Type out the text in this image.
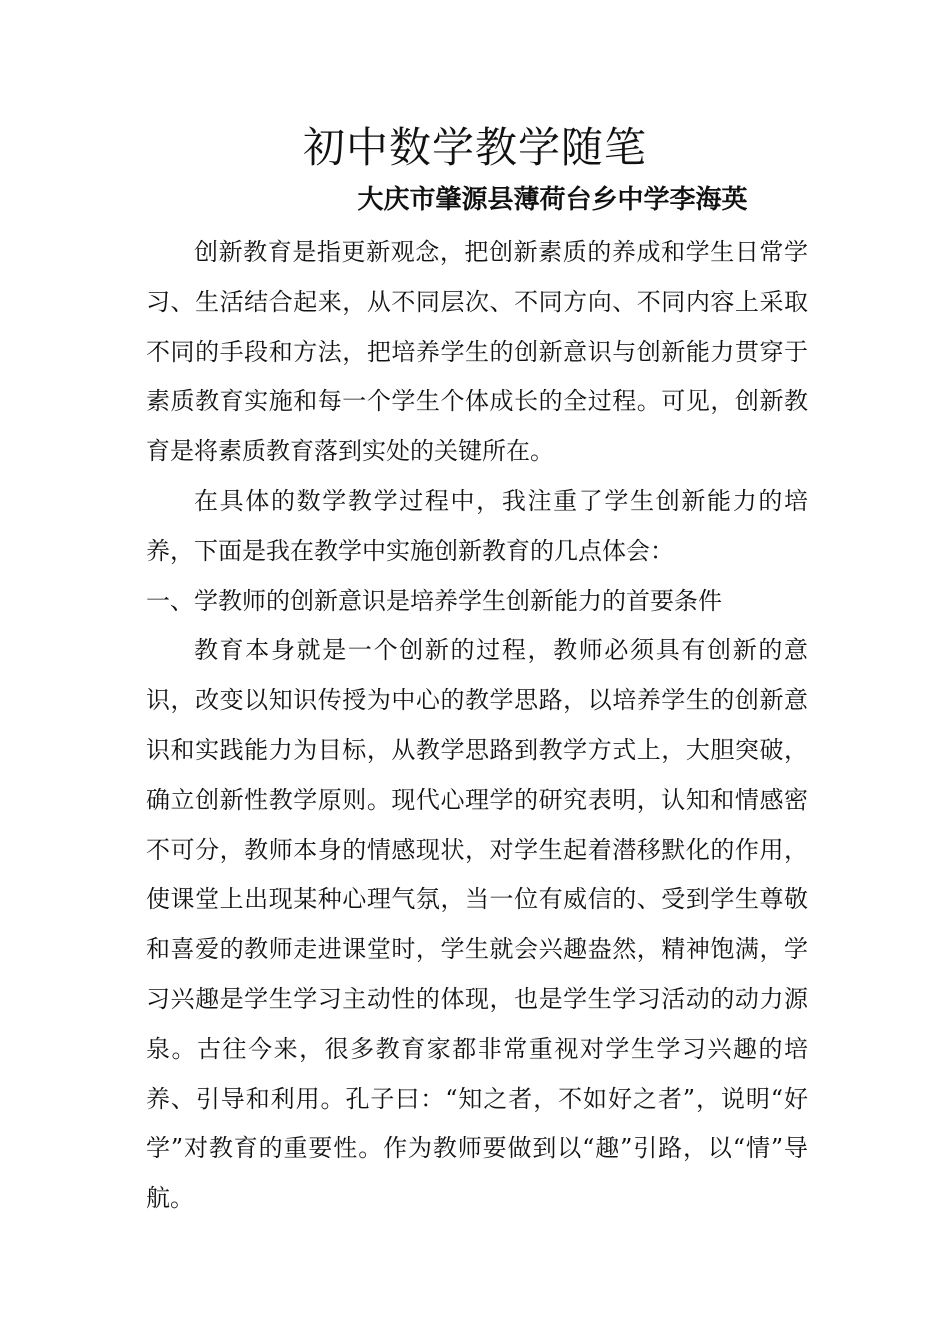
初中数学教学随笔
大庆市肇源县薄荷台乡中学李海英

创新教育是指更新观念，把创新素质的养成和学生日常学习、生活结合起来，从不同层次、不同方向、不同内容上采取不同的手段和方法，把培养学生的创新意识与创新能力贯穿于素质教育实施和每一个学生个体成长的全过程。可见，创新教育是将素质教育落到实处的关键所在。

在具体的数学教学过程中，我注重了学生创新能力的培养，下面是我在教学中实施创新教育的几点体会：

一、学教师的创新意识是培养学生创新能力的首要条件

教育本身就是一个创新的过程，教师必须具有创新的意识，改变以知识传授为中心的教学思路，以培养学生的创新意识和实践能力为目标，从教学思路到教学方式上，大胆突破，确立创新性教学原则。现代心理学的研究表明，认知和情感密不可分，教师本身的情感现状，对学生起着潜移默化的作用，使课堂上出现某种心理气氛，当一位有威信的、受到学生尊敬和喜爱的教师走进课堂时，学生就会兴趣盎然，精神饱满，学习兴趣是学生学习主动性的体现，也是学生学习活动的动力源泉。古往今来，很多教育家都非常重视对学生学习兴趣的培养、引导和利用。孔子曰：“知之者，不如好之者”，说明“好学”对教育的重要性。作为教师要做到以“趣”引路，以“情”导航。
